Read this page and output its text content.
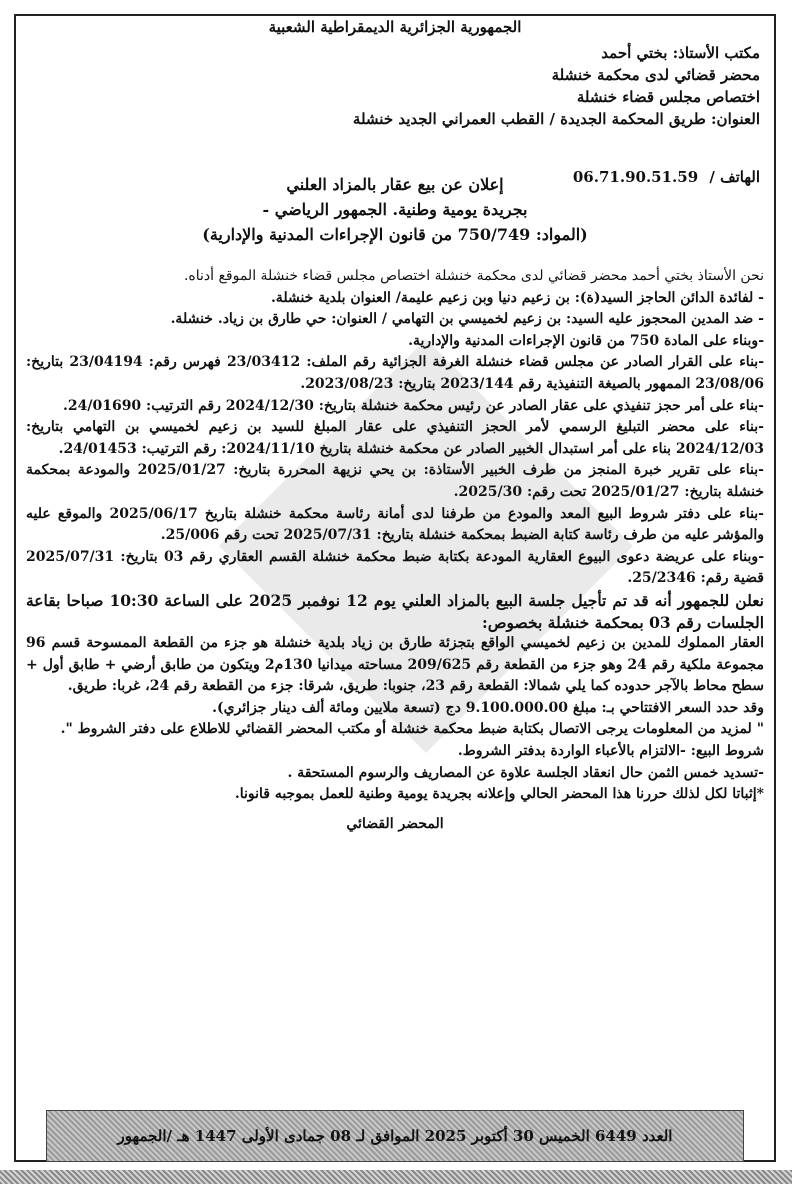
الجمهورية الجزائرية الديمقراطية الشعبية
مكتب الأستاذ: بختي أحمد
محضر قضائي لدى محكمة خنشلة
اختصاص مجلس قضاء خنشلة
العنوان: طريق المحكمة الجديدة / القطب العمراني الجديد خنشلة
الهاتف / 06.71.90.51.59
إعلان عن بيع عقار بالمزاد العلني
بجريدة يومية وطنية. الجمهور الرياضي -
(المواد: 750/749 من قانون الإجراءات المدنية والإدارية)

نحن الأستاذ بختي أحمد محضر قضائي لدى محكمة خنشلة اختصاص مجلس قضاء خنشلة الموقع أدناه.

- لفائدة الدائن الحاجز السيد(ة): بن زعيم دنيا وبن زعيم عليمة/ العنوان بلدية خنشلة.

- ضد المدين المحجوز عليه السيد: بن زعيم لخميسي بن التهامي / العنوان: حي طارق بن زياد. خنشلة.

-وبناء على المادة 750 من قانون الإجراءات المدنية والإدارية.

-بناء على القرار الصادر عن مجلس قضاء خنشلة الغرفة الجزائية رقم الملف: 23/03412 فهرس رقم: 23/04194 بتاريخ: 23/08/06 الممهور بالصيغة التنفيذية رقم 2023/144 بتاريخ: 2023/08/23.

-بناء على أمر حجز تنفيذي على عقار الصادر عن رئيس محكمة خنشلة بتاريخ: 2024/12/30 رقم الترتيب: 24/01690.

-بناء على محضر التبليغ الرسمي لأمر الحجز التنفيذي على عقار المبلغ للسيد بن زعيم لخميسي بن التهامي بتاريخ: 2024/12/03 بناء على أمر استبدال الخبير الصادر عن محكمة خنشلة بتاريخ 2024/11/10: رقم الترتيب: 24/01453.

-بناء على تقرير خبرة المنجز من طرف الخبير الأستاذة: بن يحي نزيهة المحررة بتاريخ: 2025/01/27 والمودعة بمحكمة خنشلة بتاريخ: 2025/01/27 تحت رقم: 2025/30.

-بناء على دفتر شروط البيع المعد والمودع من طرفنا لدى أمانة رئاسة محكمة خنشلة بتاريخ 2025/06/17 والموقع عليه والمؤشر عليه من طرف رئاسة كتابة الضبط بمحكمة خنشلة بتاريخ: 2025/07/31 تحت رقم 25/006.

-وبناء على عريضة دعوى البيوع العقارية المودعة بكتابة ضبط محكمة خنشلة القسم العقاري رقم 03 بتاريخ: 2025/07/31 قضية رقم: 25/2346.

نعلن للجمهور أنه قد تم تأجيل جلسة البيع بالمزاد العلني يوم 12 نوفمبر 2025 على الساعة 10:30 صباحا بقاعة الجلسات رقم 03 بمحكمة خنشلة بخصوص:

العقار المملوك للمدين بن زعيم لخميسي الواقع بتجزئة طارق بن زياد بلدية خنشلة هو جزء من القطعة الممسوحة قسم 96 مجموعة ملكية رقم 24 وهو جزء من القطعة رقم 209/625 مساحته ميدانيا 130م2 ويتكون من طابق أرضي + طابق أول + سطح محاط بالآجر حدوده كما يلي شمالا: القطعة رقم 23، جنوبا: طريق، شرقا: جزء من القطعة رقم 24، غربا: طريق.

وقد حدد السعر الافتتاحي بـ: مبلغ 9.100.000.00 دج (تسعة ملايين ومائة ألف دينار جزائري).

" لمزيد من المعلومات يرجى الاتصال بكتابة ضبط محكمة خنشلة أو مكتب المحضر القضائي للاطلاع على دفتر الشروط ".

شروط البيع: -الالتزام بالأعباء الواردة بدفتر الشروط.

-تسديد خمس الثمن حال انعقاد الجلسة علاوة عن المصاريف والرسوم المستحقة .

*إثباتا لكل لذلك حررنا هذا المحضر الحالي وإعلانه بجريدة يومية وطنية للعمل بموجبه قانونا.

المحضر القضائي
العدد 6449 الخميس 30 أكتوبر 2025 الموافق لـ 08 جمادى الأولى 1447 هـ /الجمهور
